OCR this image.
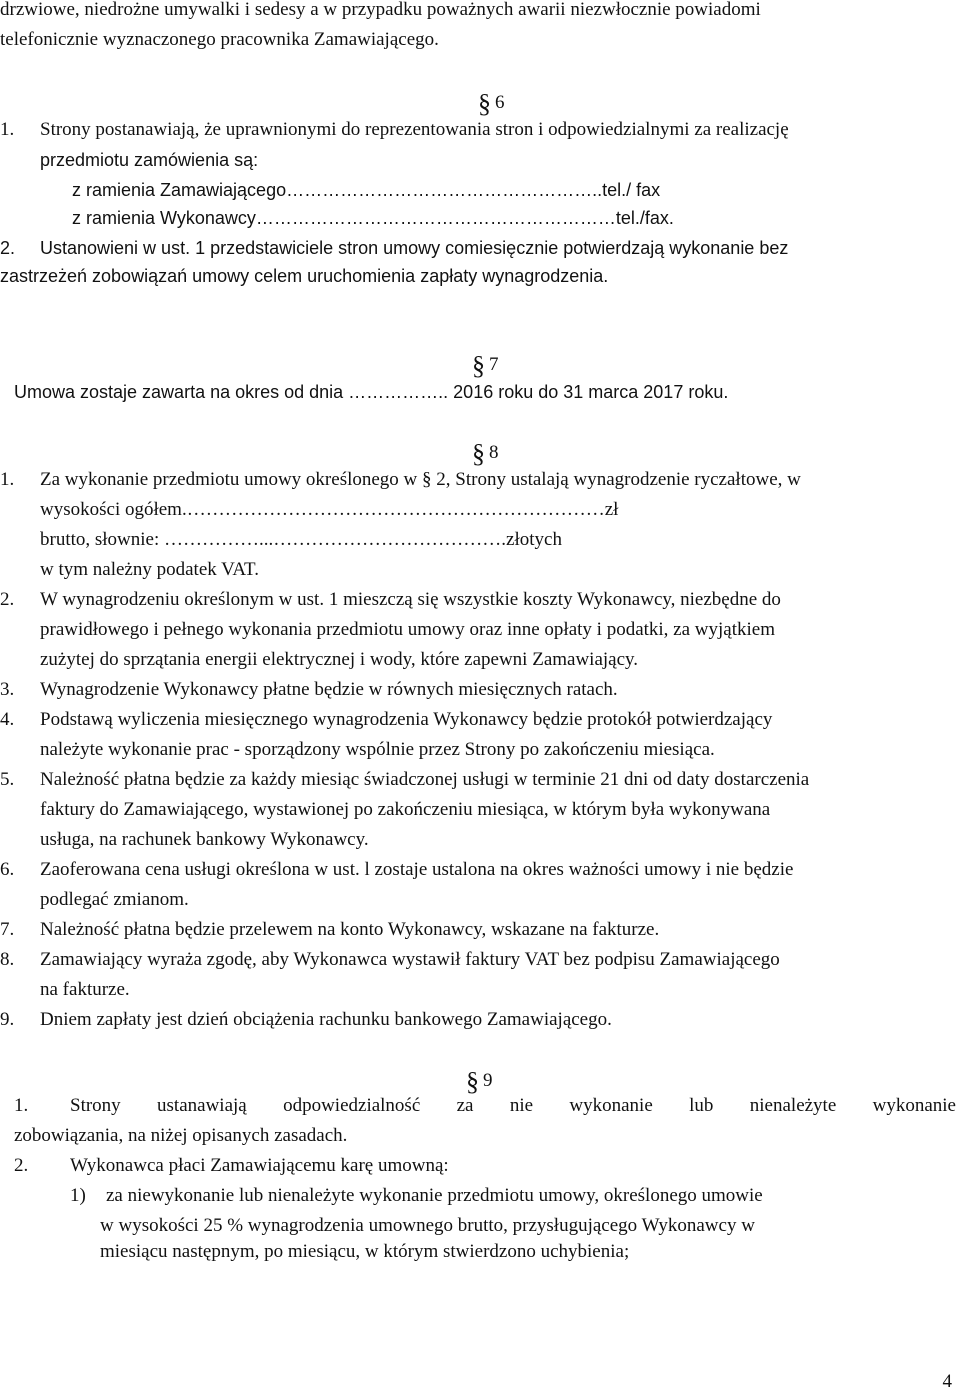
drzwiowe, niedrożne umywalki i sedesy a w przypadku poważnych awarii niezwłocznie powiadomi
telefonicznie wyznaczonego pracownika Zamawiającego.
§ 6
1. Strony postanawiają, że uprawnionymi do reprezentowania stron i odpowiedzialnymi za realizację
przedmiotu zamówienia są:
z ramienia Zamawiającego……………………………………………..tel./ fax
z ramienia Wykonawcy……………………………………………………tel./fax.
2. Ustanowieni w ust. 1 przedstawiciele stron umowy comiesięcznie potwierdzają wykonanie bez
zastrzeżeń zobowiązań umowy celem uruchomienia zapłaty wynagrodzenia.
§ 7
Umowa zostaje zawarta na okres od dnia …………….. 2016 roku do 31 marca 2017 roku.
§ 8
1. Za wykonanie przedmiotu umowy określonego w § 2, Strony ustalają wynagrodzenie ryczałtowe, w
wysokości ogółem.…………………………………………………………zł
brutto, słownie: ……………...……………………………….złotych
w tym należny podatek VAT.
2. W wynagrodzeniu określonym w ust. 1 mieszczą się wszystkie koszty Wykonawcy, niezbędne do
prawidłowego i pełnego wykonania przedmiotu umowy oraz inne opłaty i podatki, za wyjątkiem
zużytej do sprzątania energii elektrycznej i wody, które zapewni Zamawiający.
3. Wynagrodzenie Wykonawcy płatne będzie w równych miesięcznych ratach.
4. Podstawą wyliczenia miesięcznego wynagrodzenia Wykonawcy będzie protokół potwierdzający
należyte wykonanie prac - sporządzony wspólnie przez Strony po zakończeniu miesiąca.
5. Należność płatna będzie za każdy miesiąc świadczonej usługi w terminie 21 dni od daty dostarczenia
faktury do Zamawiającego, wystawionej po zakończeniu miesiąca, w którym była wykonywana
usługa, na rachunek bankowy Wykonawcy.
6. Zaoferowana cena usługi określona w ust. l zostaje ustalona na okres ważności umowy i nie będzie
podlegać zmianom.
7. Należność płatna będzie przelewem na konto Wykonawcy, wskazane na fakturze.
8. Zamawiający wyraża zgodę, aby Wykonawca wystawił faktury VAT bez podpisu Zamawiającego
na fakturze.
9. Dniem zapłaty jest dzień obciążenia rachunku bankowego Zamawiającego.
§ 9
1. Strony ustanawiają odpowiedzialność za nie wykonanie lub nienależyte wykonanie
zobowiązania, na niżej opisanych zasadach.
2. Wykonawca płaci Zamawiającemu karę umowną:
1) za niewykonanie lub nienależyte wykonanie przedmiotu umowy, określonego umowie
w wysokości 25 % wynagrodzenia umownego brutto, przysługującego Wykonawcy w
miesiącu następnym, po miesiącu, w którym stwierdzono uchybienia;
4
